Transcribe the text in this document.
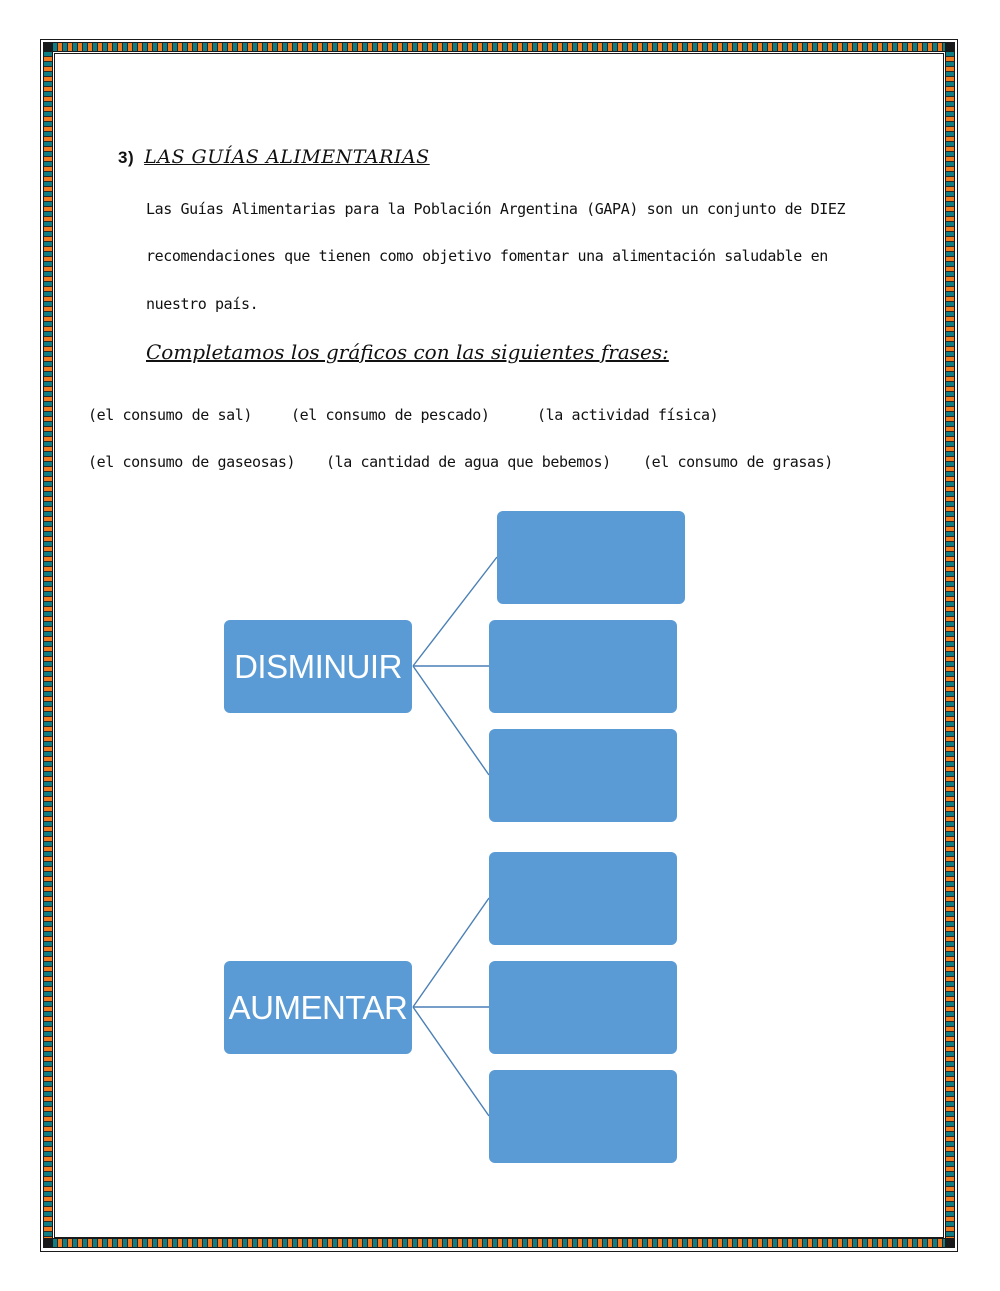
3) LAS GUÍAS ALIMENTARIAS
Las Guías Alimentarias para la Población Argentina (GAPA) son un conjunto de DIEZ
recomendaciones que tienen como objetivo fomentar una alimentación saludable en
nuestro país.
Completamos los gráficos con las siguientes frases:
(el consumo de sal)	(el consumo de pescado)	(la actividad física)
(el consumo de gaseosas) (la cantidad de agua que bebemos) (el consumo de grasas)
DISMINUIR
AUMENTAR
